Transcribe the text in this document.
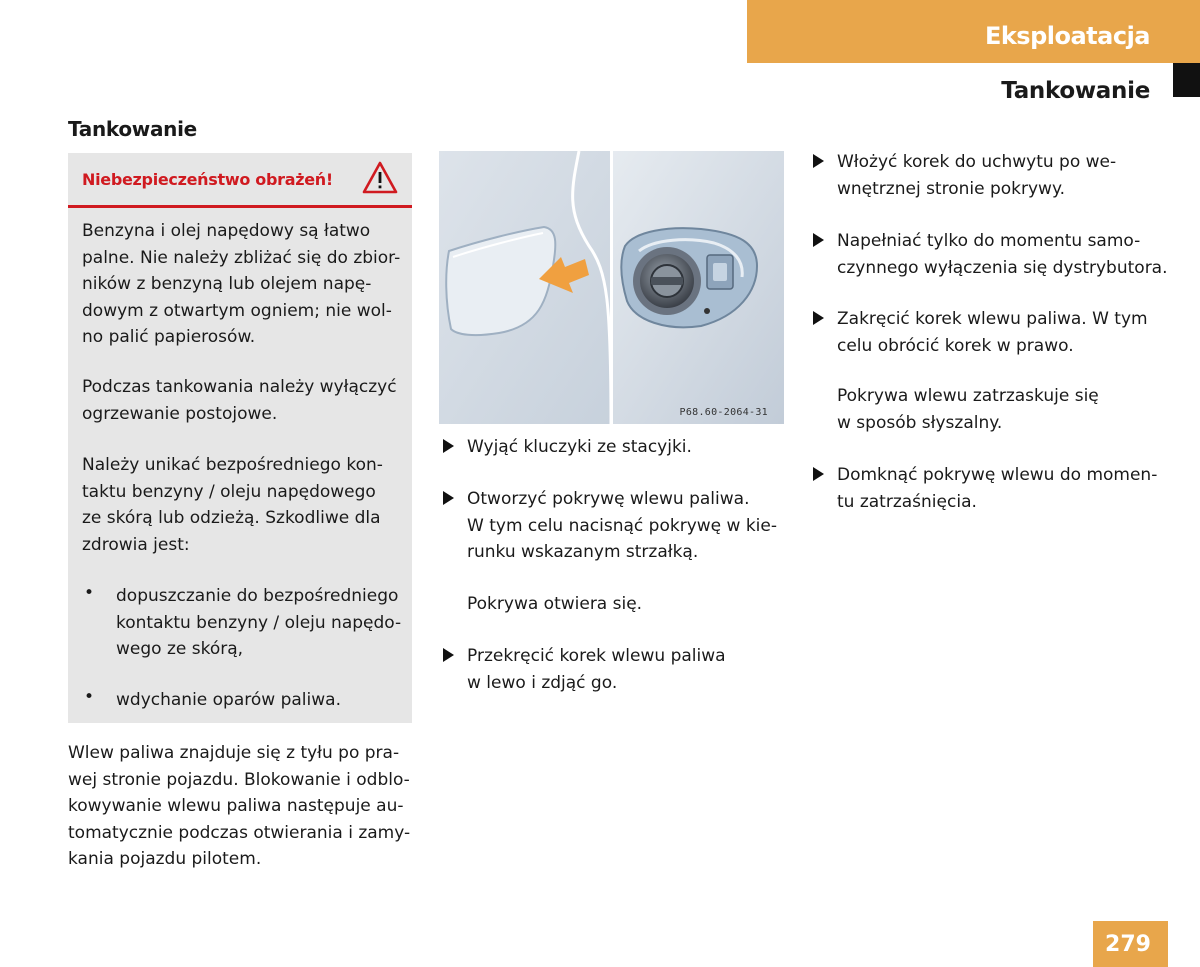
Eksploatacja
Tankowanie
Tankowanie
Niebezpieczeństwo obrażeń!
Benzyna i olej napędowy są łatwo
palne. Nie należy zbliżać się do zbior-
ników z benzyną lub olejem napę-
dowym z otwartym ogniem; nie wol-
no palić papierosów.
Podczas tankowania należy wyłączyć
ogrzewanie postojowe.
Należy unikać bezpośredniego kon-
taktu benzyny / oleju napędowego
ze skórą lub odzieżą. Szkodliwe dla
zdrowia jest:
• dopuszczanie do bezpośredniego
kontaktu benzyny / oleju napędo-
wego ze skórą,
• wdychanie oparów paliwa.
Wlew paliwa znajduje się z tyłu po pra-
wej stronie pojazdu. Blokowanie i odblo-
kowywanie wlewu paliwa następuje au-
tomatycznie podczas otwierania i zamy-
kania pojazdu pilotem.
P68.60-2064-31
Wyjąć kluczyki ze stacyjki.
Otworzyć pokrywę wlewu paliwa.
W tym celu nacisnąć pokrywę w kie-
runku wskazanym strzałką.
Pokrywa otwiera się.
Przekręcić korek wlewu paliwa
w lewo i zdjąć go.
Włożyć korek do uchwytu po we-
wnętrznej stronie pokrywy.
Napełniać tylko do momentu samo-
czynnego wyłączenia się dystrybutora.
Zakręcić korek wlewu paliwa. W tym
celu obrócić korek w prawo.
Pokrywa wlewu zatrzaskuje się
w sposób słyszalny.
Domknąć pokrywę wlewu do momen-
tu zatrzaśnięcia.
279
